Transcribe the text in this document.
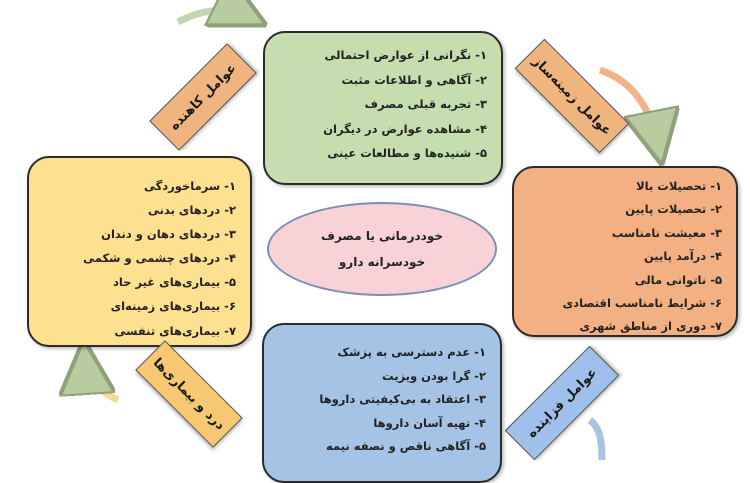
۱- نگرانی از عوارض احتمالی
۲- آگاهی و اطلاعات مثبت
۳- تجربه قبلی مصرف
۴- مشاهده عوارض در دیگران
۵- شنیده‌ها و مطالعات عینی
۱- تحصیلات بالا
۲- تحصیلات پایین
۳- معیشت نامناسب
۴- درآمد پایین
۵- ناتوانی مالی
۶- شرایط نامناسب اقتصادی
۷- دوری از مناطق شهری
۱- سرماخوردگی
۲- دردهای بدنی
۳- دردهای دهان و دندان
۴- دردهای چشمی و شکمی
۵- بیماری‌های غیر حاد
۶- بیماری‌های زمینه‌ای
۷- بیماری‌های تنفسی
۱- عدم دسترسی به پزشک
۲- گرا بودن ویزیت
۳- اعتقاد به بی‌کیفیتی داروها
۴- تهیه آسان داروها
۵- آگاهی ناقص و نصفه نیمه
خوددرمانی یا مصرف
خودسرانه دارو
عوامل کاهنده	عوامل زمینه‌ساز
درد و بیماری‌ها	عوامل فزاینده
